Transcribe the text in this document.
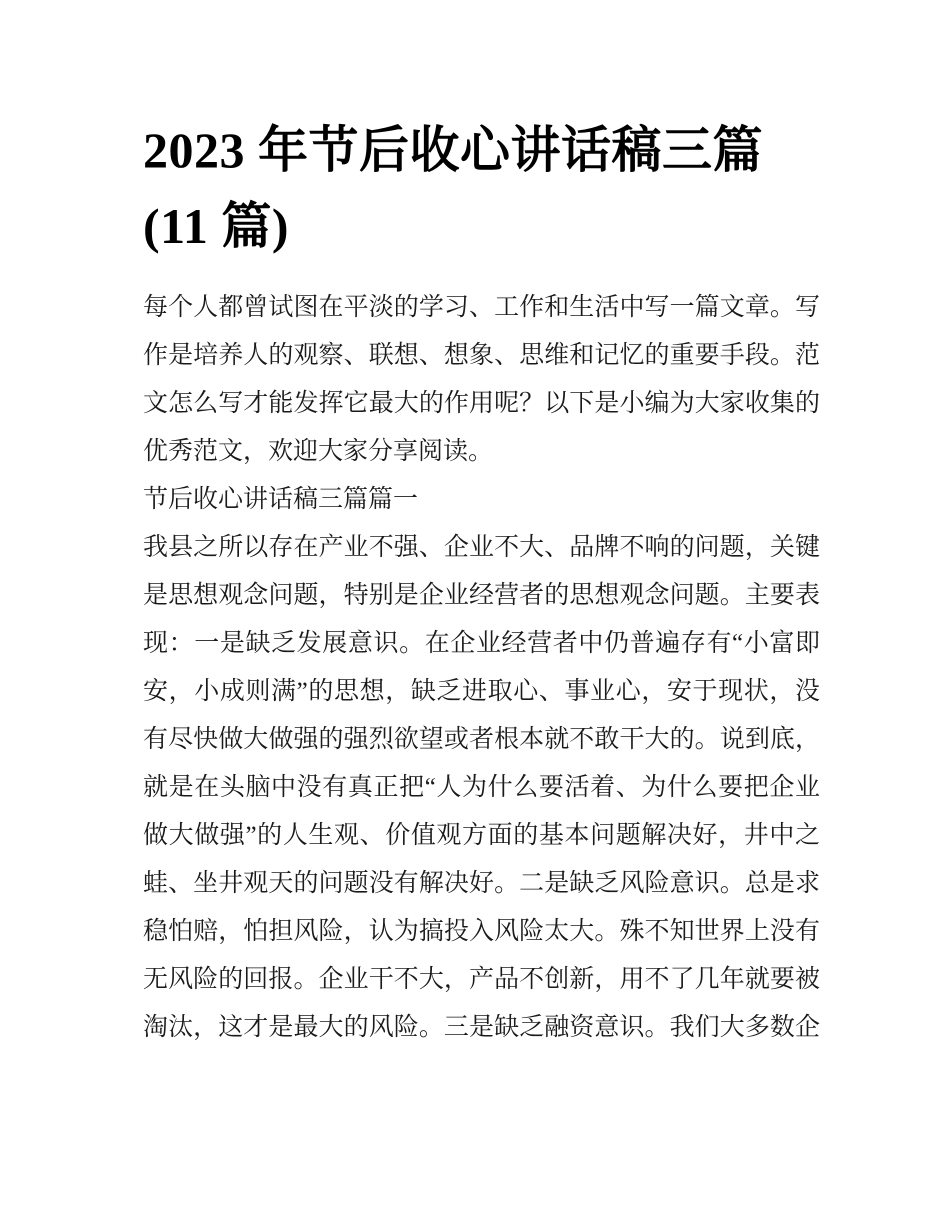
2023 年节后收心讲话稿三篇
(11 篇)

每个人都曾试图在平淡的学习、工作和生活中写一篇文章。写作是培养人的观察、联想、想象、思维和记忆的重要手段。范文怎么写才能发挥它最大的作用呢？以下是小编为大家收集的优秀范文，欢迎大家分享阅读。

节后收心讲话稿三篇篇一

我县之所以存在产业不强、企业不大、品牌不响的问题，关键是思想观念问题，特别是企业经营者的思想观念问题。主要表现：一是缺乏发展意识。在企业经营者中仍普遍存有“小富即安，小成则满”的思想，缺乏进取心、事业心，安于现状，没有尽快做大做强的强烈欲望或者根本就不敢干大的。说到底，就是在头脑中没有真正把“人为什么要活着、为什么要把企业做大做强”的人生观、价值观方面的基本问题解决好，井中之蛙、坐井观天的问题没有解决好。二是缺乏风险意识。总是求稳怕赔，怕担风险，认为搞投入风险太大。殊不知世界上没有无风险的回报。企业干不大，产品不创新，用不了几年就要被淘汰，这才是最大的风险。三是缺乏融资意识。我们大多数企
